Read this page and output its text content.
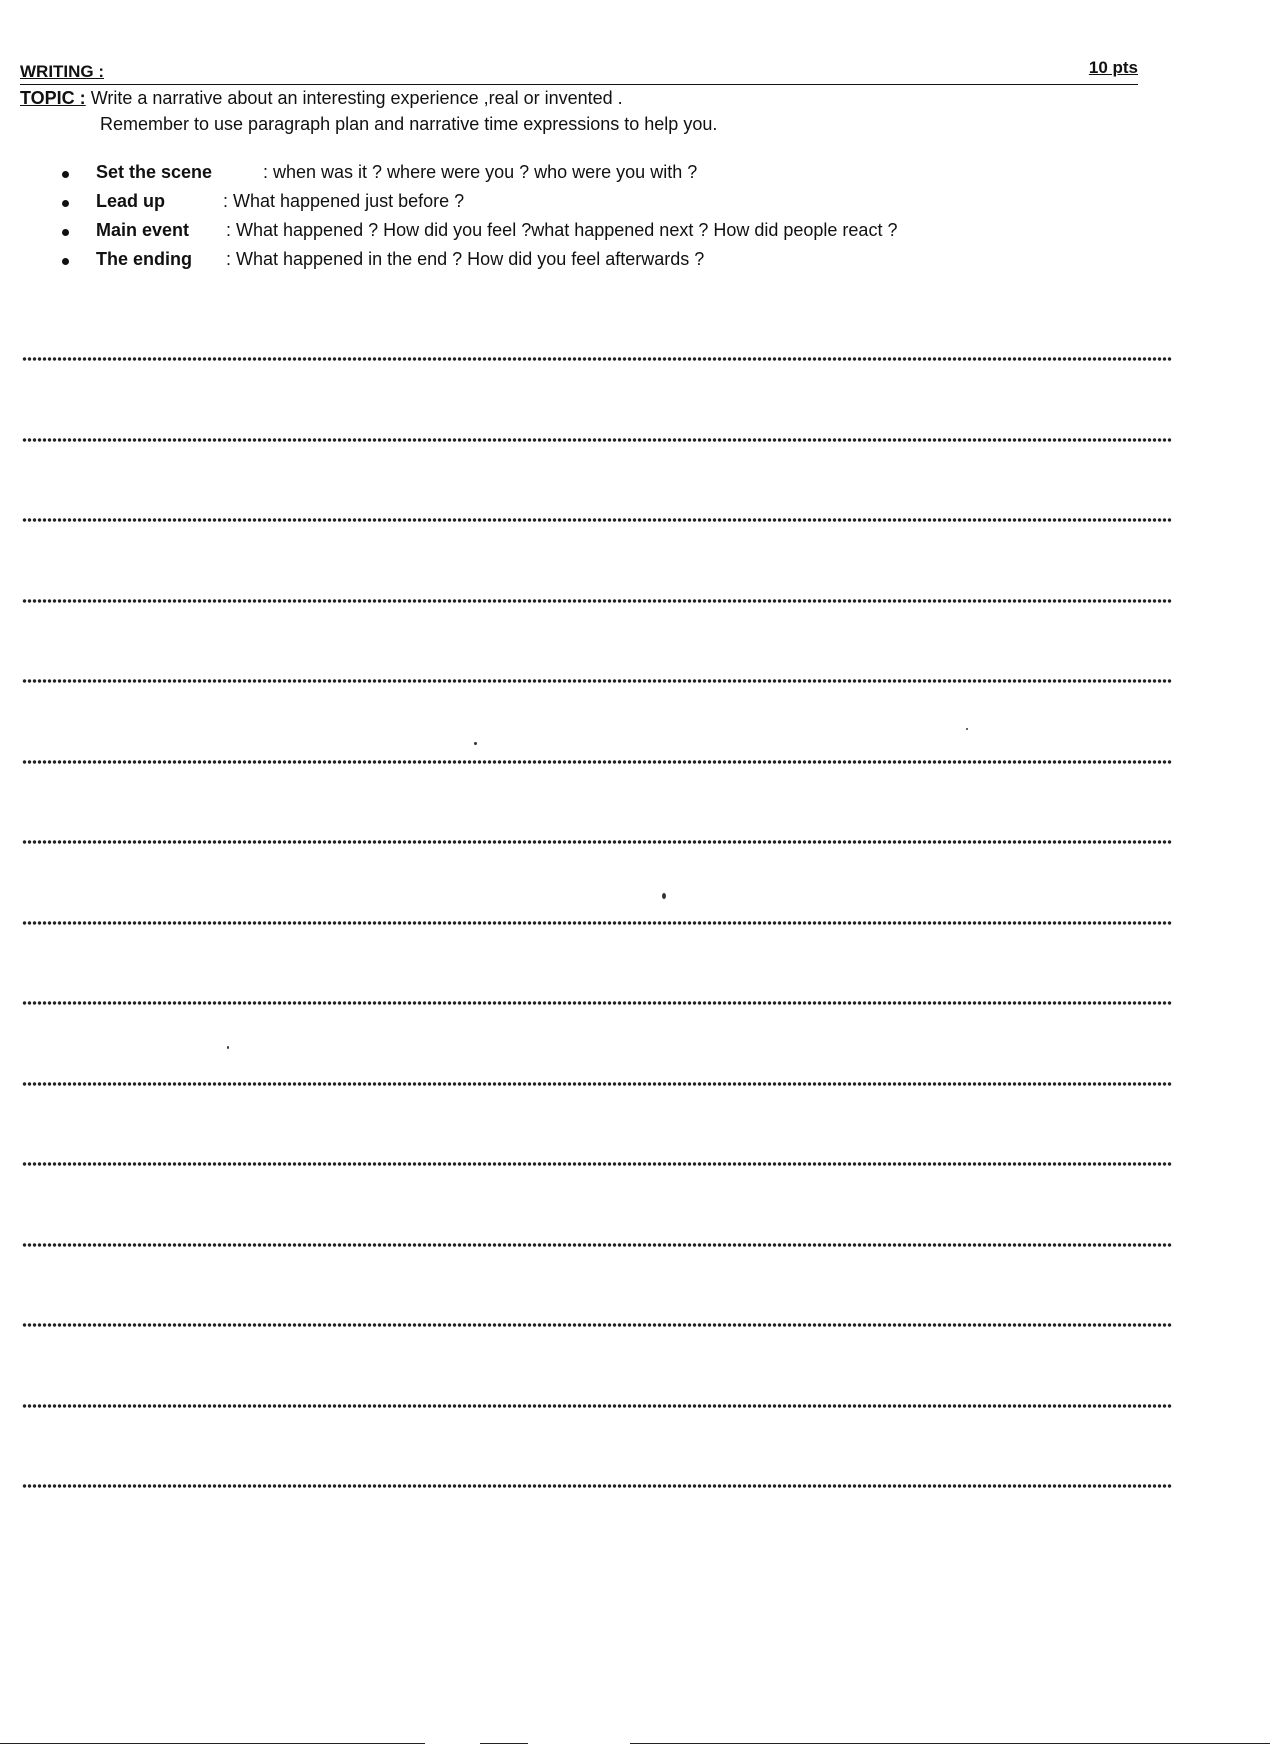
WRITING :	10 pts
TOPIC : Write a narrative about an interesting experience ,real or invented .
Remember to use paragraph plan and narrative time expressions to help you.
Set the scene	: when was it ? where were you ? who were you with ?
Lead up	: What happened just before ?
Main event : What happened ? How did you feel ?what happened next ? How did people react ?
The ending : What happened in the end ? How did you feel afterwards ?
